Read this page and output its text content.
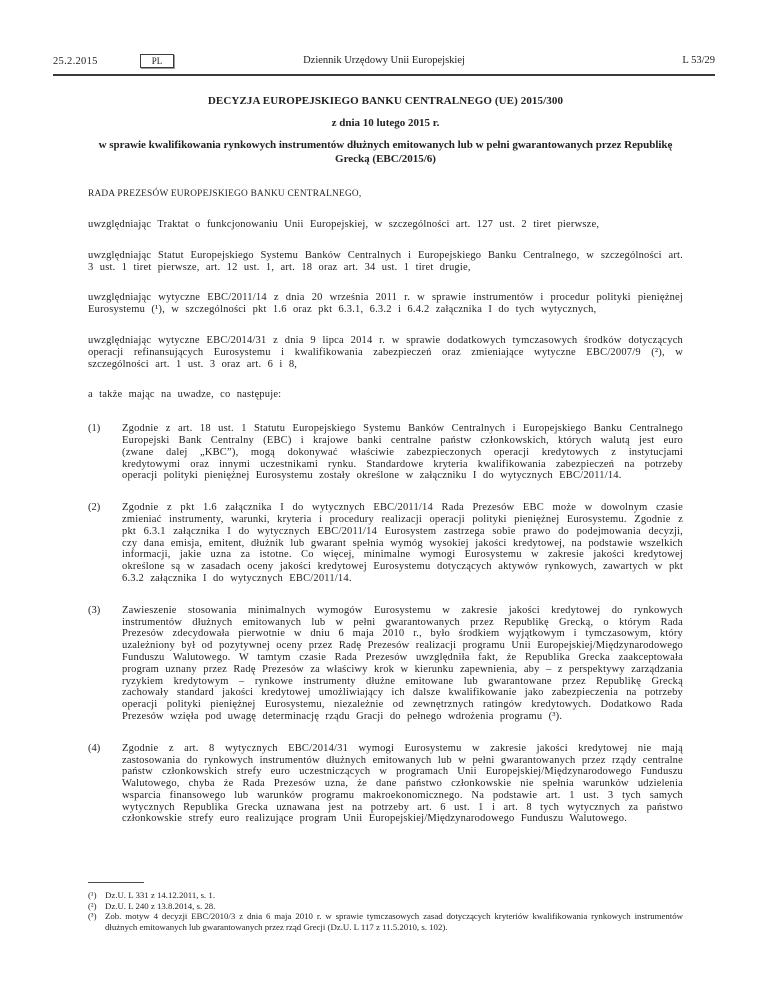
25.2.2015	PL	Dziennik Urzędowy Unii Europejskiej	L 53/29
DECYZJA EUROPEJSKIEGO BANKU CENTRALNEGO (UE) 2015/300
z dnia 10 lutego 2015 r.
w sprawie kwalifikowania rynkowych instrumentów dłużnych emitowanych lub w pełni gwarantowanych przez Republikę Grecką (EBC/2015/6)

RADA PREZESÓW EUROPEJSKIEGO BANKU CENTRALNEGO,

uwzględniając Traktat o funkcjonowaniu Unii Europejskiej, w szczególności art. 127 ust. 2 tiret pierwsze,

uwzględniając Statut Europejskiego Systemu Banków Centralnych i Europejskiego Banku Centralnego, w szczególności art. 3 ust. 1 tiret pierwsze, art. 12 ust. 1, art. 18 oraz art. 34 ust. 1 tiret drugie,

uwzględniając wytyczne EBC/2011/14 z dnia 20 września 2011 r. w sprawie instrumentów i procedur polityki pieniężnej Eurosystemu (¹), w szczególności pkt 1.6 oraz pkt 6.3.1, 6.3.2 i 6.4.2 załącznika I do tych wytycznych,

uwzględniając wytyczne EBC/2014/31 z dnia 9 lipca 2014 r. w sprawie dodatkowych tymczasowych środków dotyczących operacji refinansujących Eurosystemu i kwalifikowania zabezpieczeń oraz zmieniające wytyczne EBC/2007/9 (²), w szczególności art. 1 ust. 3 oraz art. 6 i 8,

a także mając na uwadze, co następuje:

(1)	Zgodnie z art. 18 ust. 1 Statutu Europejskiego Systemu Banków Centralnych i Europejskiego Banku Centralnego Europejski Bank Centralny (EBC) i krajowe banki centralne państw członkowskich, których walutą jest euro (zwane dalej „KBC”), mogą dokonywać właściwie zabezpieczonych operacji kredytowych z instytucjami kredytowymi oraz innymi uczestnikami rynku. Standardowe kryteria kwalifikowania zabezpieczeń na potrzeby operacji polityki pieniężnej Eurosystemu zostały określone w załączniku I do wytycznych EBC/2011/14.
(2)	Zgodnie z pkt 1.6 załącznika I do wytycznych EBC/2011/14 Rada Prezesów EBC może w dowolnym czasie zmieniać instrumenty, warunki, kryteria i procedury realizacji operacji polityki pieniężnej Eurosystemu. Zgodnie z pkt 6.3.1 załącznika I do wytycznych EBC/2011/14 Eurosystem zastrzega sobie prawo do podejmowania decyzji, czy dana emisja, emitent, dłużnik lub gwarant spełnia wymóg wysokiej jakości kredytowej, na podstawie wszelkich informacji, jakie uzna za istotne. Co więcej, minimalne wymogi Eurosystemu w zakresie jakości kredytowej określone są w zasadach oceny jakości kredytowej Eurosystemu dotyczących aktywów rynkowych, zawartych w pkt 6.3.2 załącznika I do wytycznych EBC/2011/14.
(3)	Zawieszenie stosowania minimalnych wymogów Eurosystemu w zakresie jakości kredytowej do rynkowych instrumentów dłużnych emitowanych lub w pełni gwarantowanych przez Republikę Grecką, o którym Rada Prezesów zdecydowała pierwotnie w dniu 6 maja 2010 r., było środkiem wyjątkowym i tymczasowym, który uzależniony był od pozytywnej oceny przez Radę Prezesów realizacji programu Unii Europejskiej/Międzynarodowego Funduszu Walutowego. W tamtym czasie Rada Prezesów uwzględniła fakt, że Republika Grecka zaakceptowała program uznany przez Radę Prezesów za właściwy krok w kierunku zapewnienia, aby – z perspektywy zarządzania ryzykiem kredytowym – rynkowe instrumenty dłużne emitowane lub gwarantowane przez Republikę Grecką zachowały standard jakości kredytowej umożliwiający ich dalsze kwalifikowanie jako zabezpieczenia na potrzeby operacji polityki pieniężnej Eurosystemu, niezależnie od zewnętrznych ratingów kredytowych. Dodatkowo Rada Prezesów wzięła pod uwagę determinację rządu Gracji do pełnego wdrożenia programu (³).
(4)	Zgodnie z art. 8 wytycznych EBC/2014/31 wymogi Eurosystemu w zakresie jakości kredytowej nie mają zastosowania do rynkowych instrumentów dłużnych emitowanych lub w pełni gwarantowanych przez rządy centralne państw członkowskich strefy euro uczestniczących w programach Unii Europejskiej/Międzynarodowego Funduszu Walutowego, chyba że Rada Prezesów uzna, że dane państwo członkowskie nie spełnia warunków udzielenia wsparcia finansowego lub warunków programu makroekonomicznego. Na podstawie art. 1 ust. 3 tych samych wytycznych Republika Grecka uznawana jest na potrzeby art. 6 ust. 1 i art. 8 tych wytycznych za państwo członkowskie strefy euro realizujące program Unii Europejskiej/Międzynarodowego Funduszu Walutowego.
(¹) Dz.U. L 331 z 14.12.2011, s. 1.
(²) Dz.U. L 240 z 13.8.2014, s. 28.
(³) Zob. motyw 4 decyzji EBC/2010/3 z dnia 6 maja 2010 r. w sprawie tymczasowych zasad dotyczących kryteriów kwalifikowania rynkowych instrumentów dłużnych emitowanych lub gwarantowanych przez rząd Grecji (Dz.U. L 117 z 11.5.2010, s. 102).
